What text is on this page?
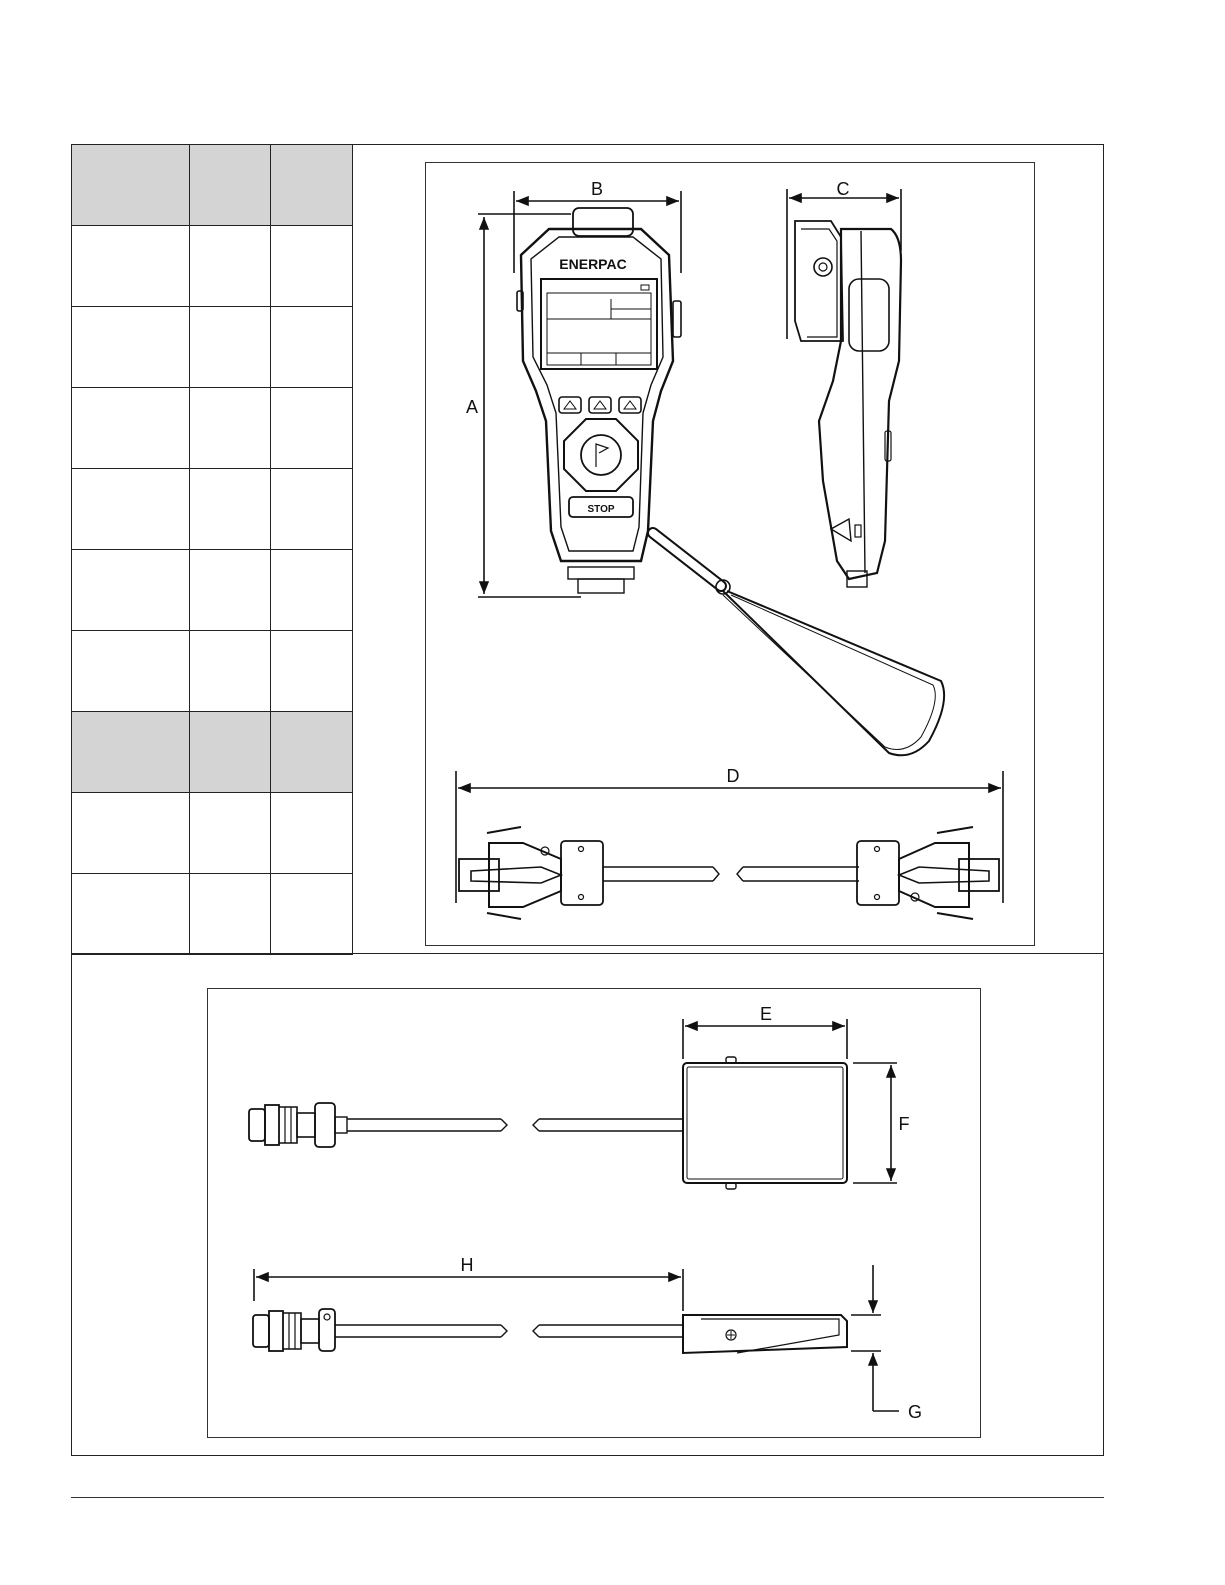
B
A
C
D
ENERPAC
STOP
E
F
H
G
